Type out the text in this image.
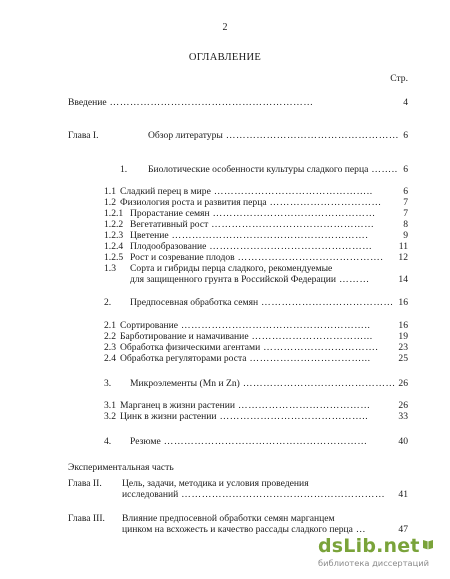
2
ОГЛАВЛЕНИЕ
Стр.
Введение ……………………………………………………	4
Глава I.	Обзор литературы …………………………………………… 6
1. Биолотические особенности культуры сладкого перца …….. 6
1.1 Сладкий перец в мире ………………………………………..	6
1.2 Физиология роста и развития перца …………………………… 7
1.2.1 Прорастание семян …………………………………………	7
1.2.2 Вегетативный рост …………………………………………	8
1.2.3 Цветение ………………………………………………….	9
1.2.4 Плодообразование …………………………………………	11
1.2.5 Рост и созревание плодов ……………………………………. 12
1.3 Сорта и гибриды перца сладкого, рекомендуемые
для защищенного грунта в Российской Федерации ………	14
2. Предпосевная обработка семян ………………………………… 16
2.1 Сортирование ………………………………………………..	16
2.2 Барботирование и намачивание ……………………………...	19
2.3 Обработка физическими агентами ……………………………. 23
2.4 Обработка регуляторами роста ……………………………...	25
3. Микроэлементы (Mn и Zn) ……………………………………… 26
3.1 Марганец в жизни растении …………………………………	26
3.2 Цинк в жизни растении ……………………………………..	33
4. Резюме ……………………………………………………	40
Экспериментальная часть
Глава II. Цель, задачи, методика и условия проведения
исследований …………………………………………………… 41
Глава III. Влияние предпосевной обработки семян марганцем
цинком на всхожесть и качество рассады сладкого перца …	47
dsLib.net
библиотека диссертаций
